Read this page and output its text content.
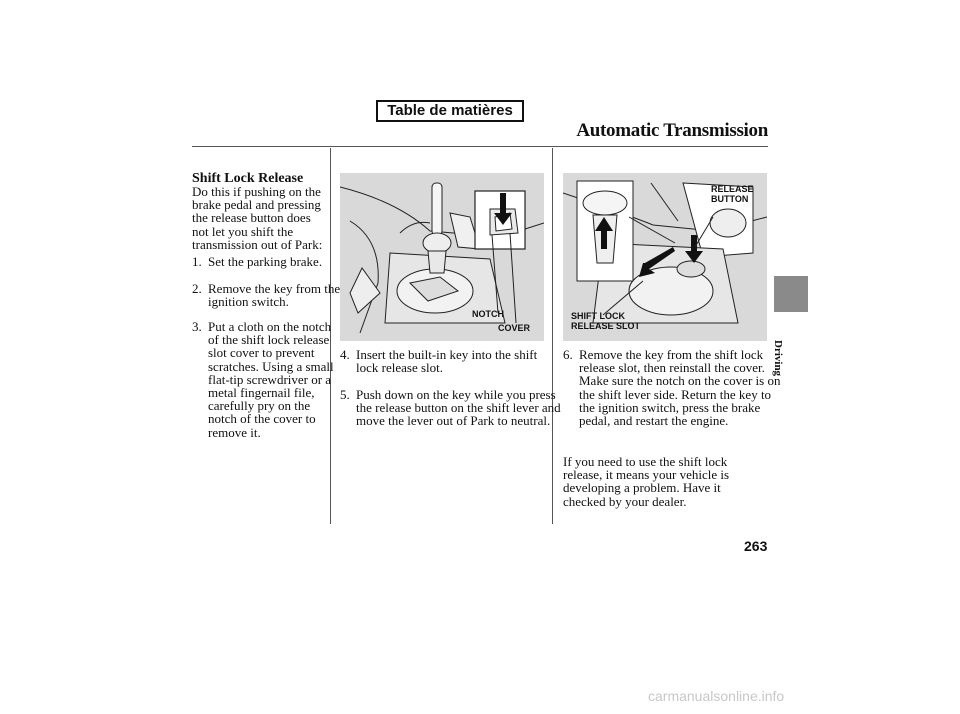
Table de matières
Automatic Transmission
Shift Lock Release
Do this if pushing on the brake pedal and pressing the release button does not let you shift the transmission out of Park:
1. Set the parking brake.
2. Remove the key from the ignition switch.
3. Put a cloth on the notch of the shift lock release slot cover to prevent scratches. Using a small flat-tip screwdriver or a metal fingernail file, carefully pry on the notch of the cover to remove it.
NOTCH
COVER
4. Insert the built-in key into the shift lock release slot.
5. Push down on the key while you press the release button on the shift lever and move the lever out of Park to neutral.
RELEASE
BUTTON
SHIFT LOCK
RELEASE SLOT
6. Remove the key from the shift lock release slot, then reinstall the cover. Make sure the notch on the cover is on the shift lever side. Return the key to the ignition switch, press the brake pedal, and restart the engine.
If you need to use the shift lock release, it means your vehicle is developing a problem. Have it checked by your dealer.
Driving
263
carmanualsonline.info
